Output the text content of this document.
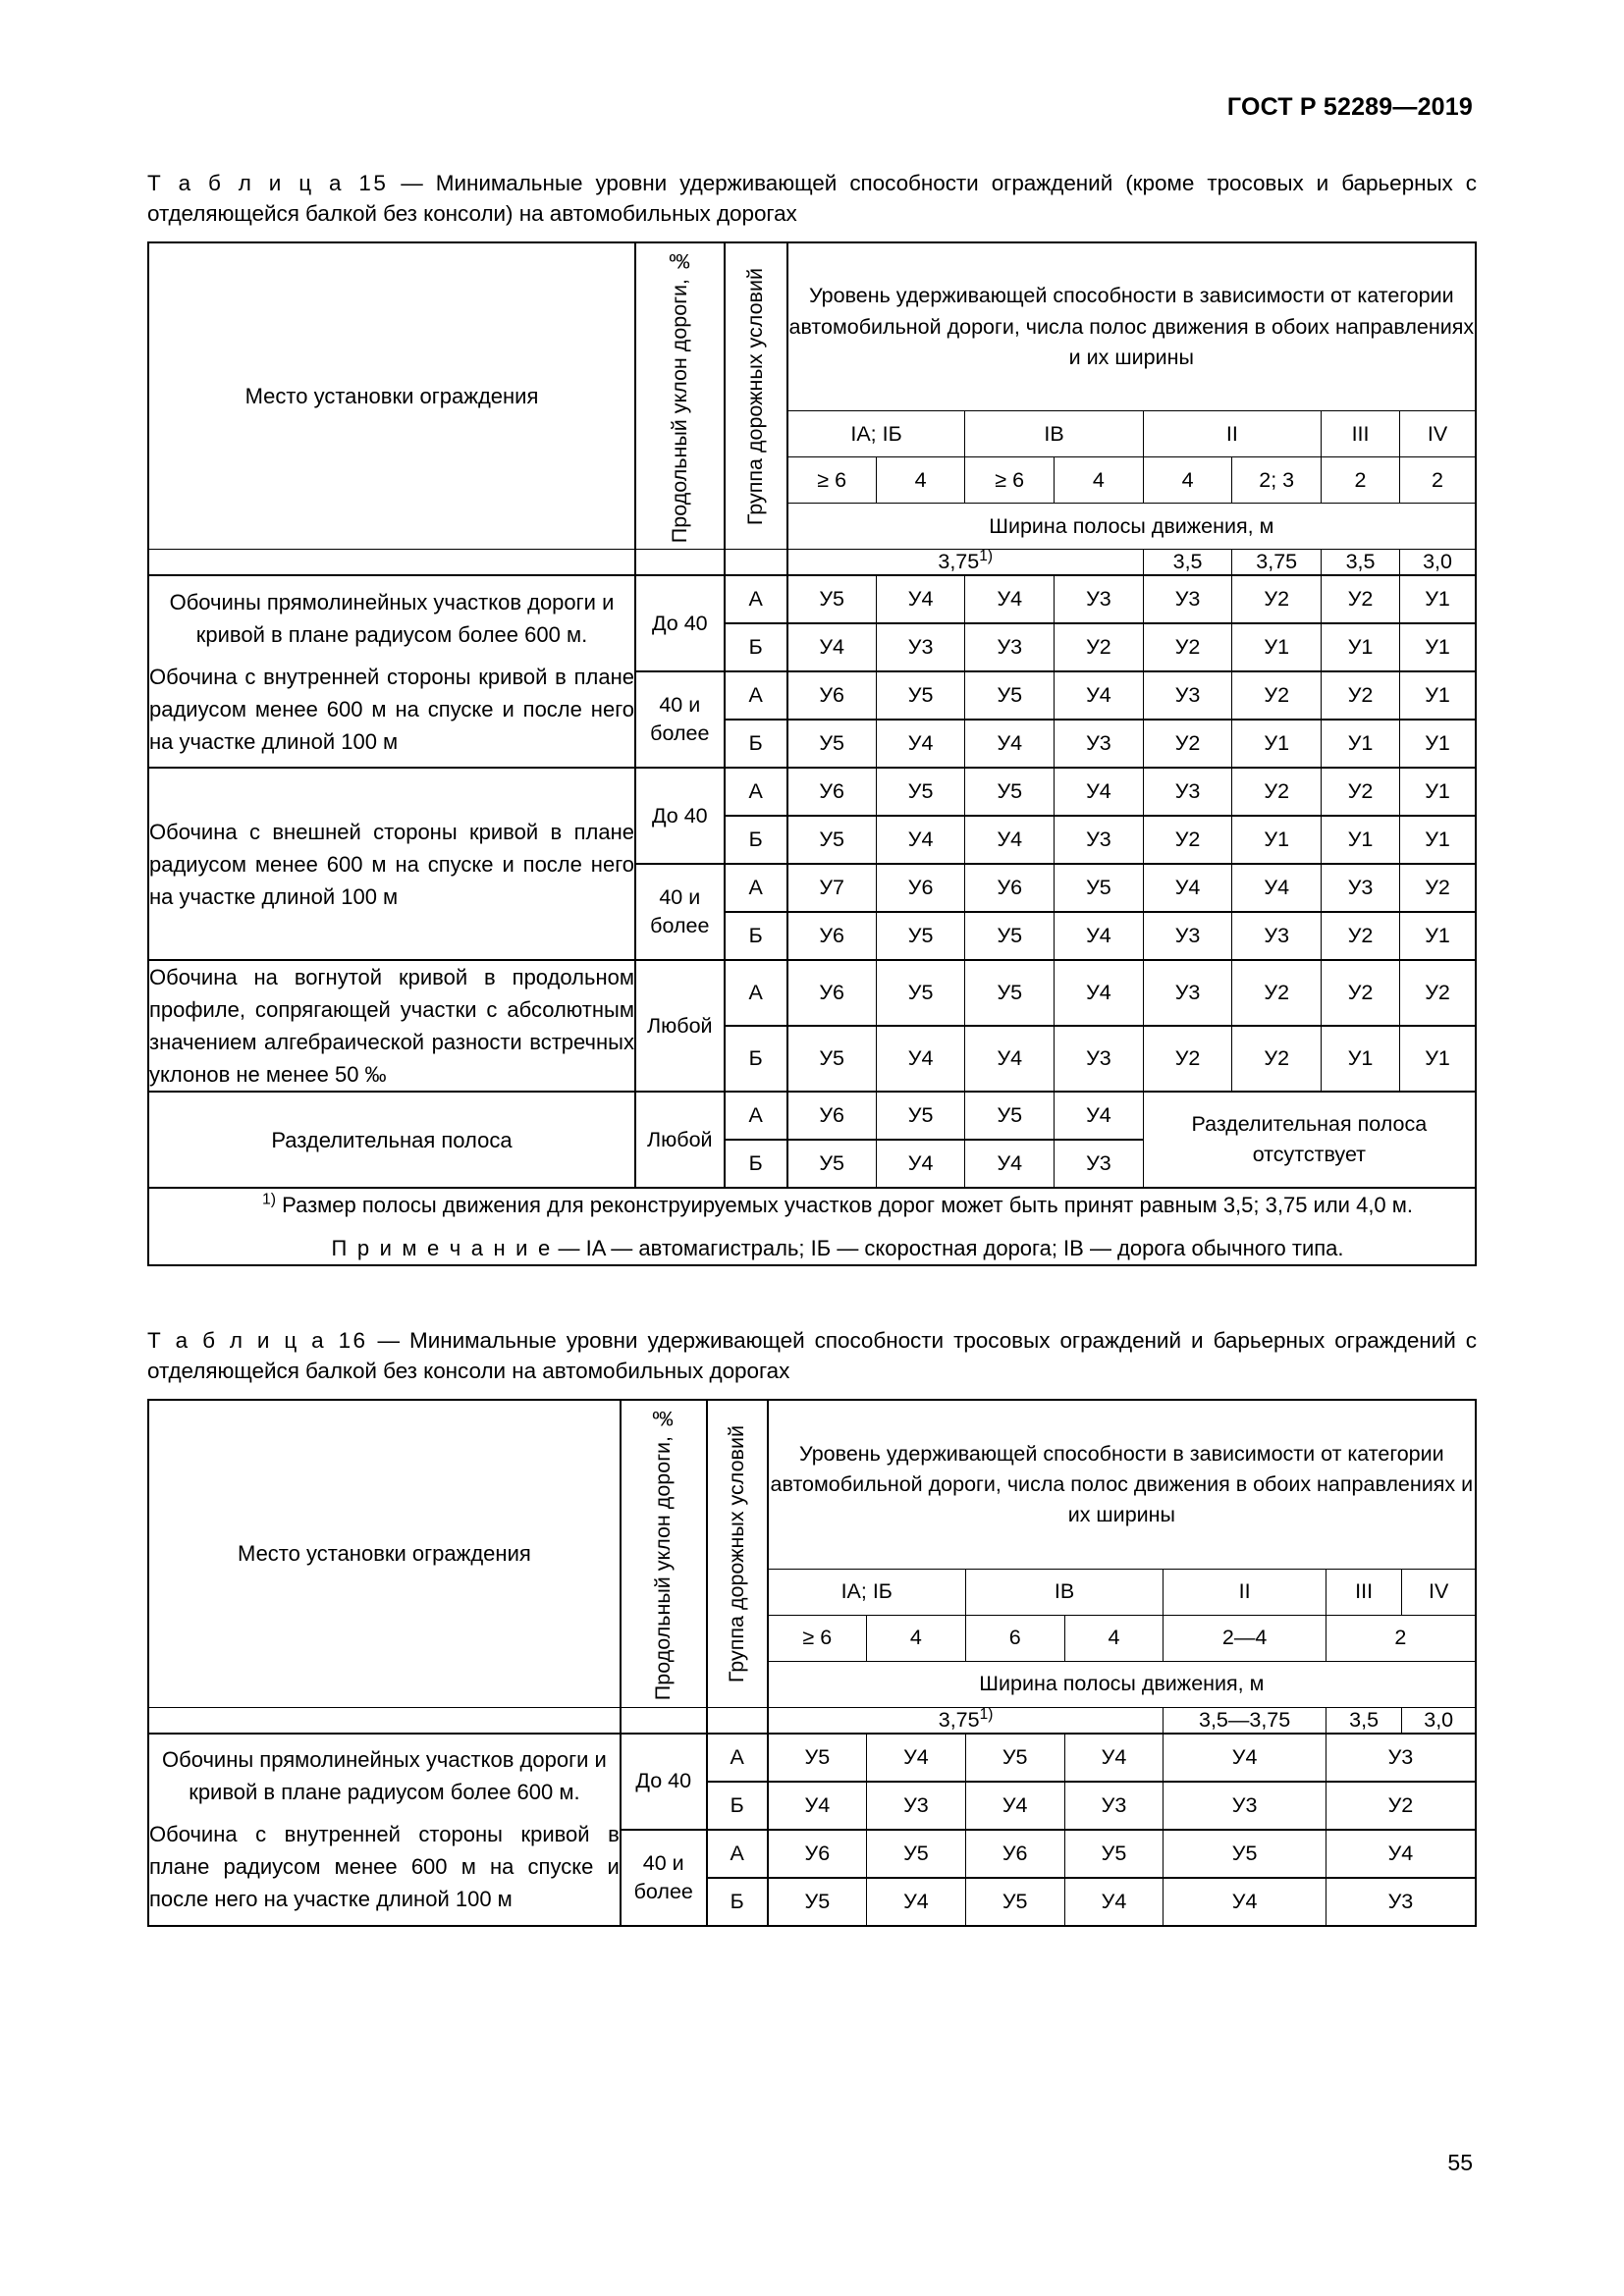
ГОСТ Р 52289—2019
Т а б л и ц а 15 — Минимальные уровни удерживающей способности ограждений (кроме тросовых и барьерных с отделяющейся балкой без консоли) на автомобильных дорогах
Место установки ограждения	Продольный уклон дороги, ‰	Группа дорожных условий	Уровень удерживающей способности в зависимости от категории автомобильной дороги, числа полос движения в обоих направлениях и их ширины							
			IA; IБ		IВ		II		III	IV
			≥ 6	4	≥ 6	4	4	2; 3	2	2
			Ширина полосы движения, м							
			3,75$^{1)}$				3,5	3,75	3,5	3,0

Обочины прямолинейных участков дороги и кривой в плане радиусом более 600 м.

Обочина с внутренней стороны кривой в плане радиусом менее 600 м на спуске и после него на участке длиной 100 м	До 40	А	У5	У4	У4	У3	У3	У2	У2	У1
		Б	У4	У3	У3	У2	У2	У1	У1	У1
	40 и более	А	У6	У5	У5	У4	У3	У2	У2	У1
		Б	У5	У4	У4	У3	У2	У1	У1	У1

Обочина с внешней стороны кривой в плане радиусом менее 600 м на спуске и после него на участке длиной 100 м	До 40	А	У6	У5	У5	У4	У3	У2	У2	У1
		Б	У5	У4	У4	У3	У2	У1	У1	У1
	40 и более	А	У7	У6	У6	У5	У4	У4	У3	У2
		Б	У6	У5	У5	У4	У3	У3	У2	У1

Обочина на вогнутой кривой в продольном профиле, сопрягающей участки с абсолютным значением алгебраической разности встречных уклонов не менее 50 ‰	Любой	А	У6	У5	У5	У4	У3	У2	У2	У2
		Б	У5	У4	У4	У3	У2	У2	У1	У1

Разделительная полоса	Любой	А	У6	У5	У5	У4	Разделительная полоса отсутствует			
		Б	У5	У4	У4	У3				

$^{1)}$ Размер полосы движения для реконструируемых участков дорог может быть принят равным 3,5; 3,75 или 4,0 м.

П р и м е ч а н и е — IA — автомагистраль; IБ — скоростная дорога; IВ — дорога обычного типа.										

Т а б л и ц а 16 — Минимальные уровни удерживающей способности тросовых ограждений и барьерных ограждений с отделяющейся балкой без консоли на автомобильных дорогах
Место установки ограждения	Продольный уклон дороги, ‰	Группа дорожных условий	Уровень удерживающей способности в зависимости от категории автомобильной дороги, числа полос движения в обоих направлениях и их ширины						
			IA; IБ		IВ		II	III	IV
			≥ 6	4	6	4	2—4	2	
			Ширина полосы движения, м						
			3,75$^{1)}$				3,5—3,75	3,5	3,0

Обочины прямолинейных участков дороги и кривой в плане радиусом более 600 м.

Обочина с внутренней стороны кривой в плане радиусом менее 600 м на спуске и после него на участке длиной 100 м	До 40	А	У5	У4	У5	У4	У4	У3	
		Б	У4	У3	У4	У3	У3	У2	
	40 и более	А	У6	У5	У6	У5	У5	У4	
		Б	У5	У4	У5	У4	У4	У3	
55
